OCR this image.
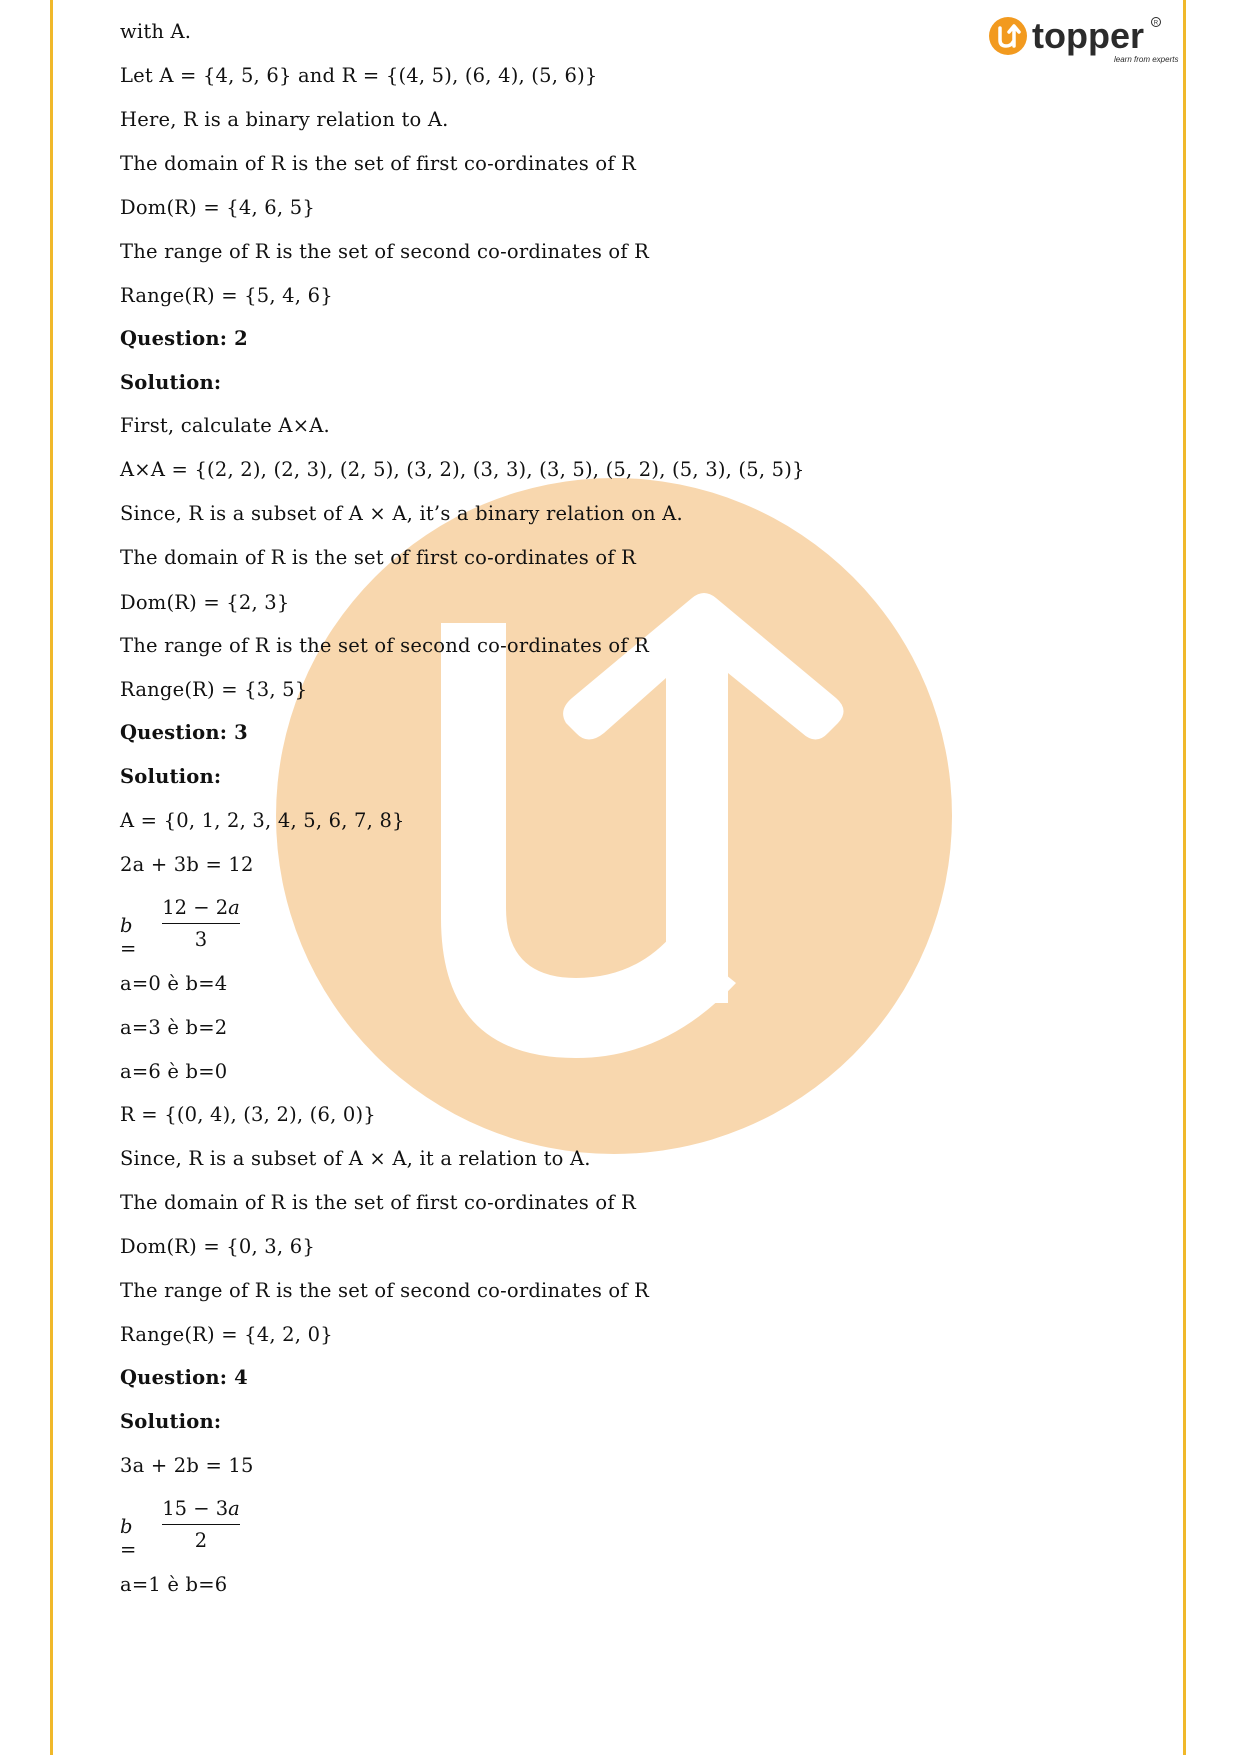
topper
learn from experts
R
with A.
Let A = {4, 5, 6} and R = {(4, 5), (6, 4), (5, 6)}
Here, R is a binary relation to A.
The domain of R is the set of first co-ordinates of R
Dom(R) = {4, 6, 5}
The range of R is the set of second co-ordinates of R
Range(R) = {5, 4, 6}
Question: 2
Solution:
First, calculate A×A.
A×A = {(2, 2), (2, 3), (2, 5), (3, 2), (3, 3), (3, 5), (5, 2), (5, 3), (5, 5)}
Since, R is a subset of A × A, it’s a binary relation on A.
The domain of R is the set of first co-ordinates of R
Dom(R) = {2, 3}
The range of R is the set of second co-ordinates of R
Range(R) = {3, 5}
Question: 3
Solution:
A = {0, 1, 2, 3, 4, 5, 6, 7, 8}
2a + 3b = 12
b =
12 − 2a
3
a=0 è b=4
a=3 è b=2
a=6 è b=0
R = {(0, 4), (3, 2), (6, 0)}
Since, R is a subset of A × A, it a relation to A.
The domain of R is the set of first co-ordinates of R
Dom(R) = {0, 3, 6}
The range of R is the set of second co-ordinates of R
Range(R) = {4, 2, 0}
Question: 4
Solution:
3a + 2b = 15
b =
15 − 3a
2
a=1 è b=6
